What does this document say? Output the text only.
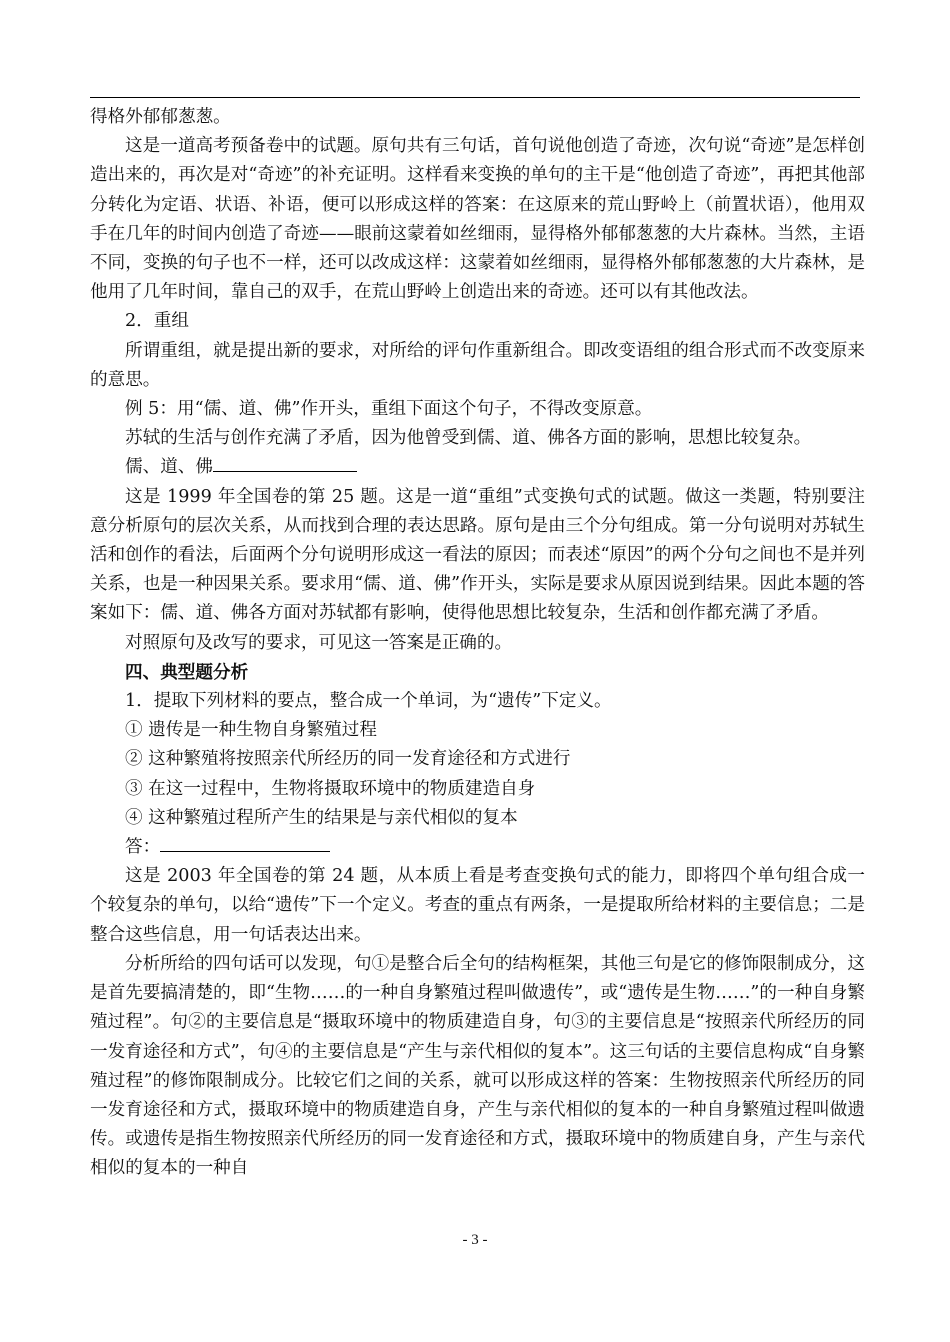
得格外郁郁葱葱。

这是一道高考预备卷中的试题。原句共有三句话，首句说他创造了奇迹，次句说“奇迹”是怎样创造出来的，再次是对“奇迹”的补充证明。这样看来变换的单句的主干是“他创造了奇迹”，再把其他部分转化为定语、状语、补语，便可以形成这样的答案：在这原来的荒山野岭上（前置状语），他用双手在几年的时间内创造了奇迹——眼前这蒙着如丝细雨，显得格外郁郁葱葱的大片森林。当然，主语不同，变换的句子也不一样，还可以改成这样：这蒙着如丝细雨，显得格外郁郁葱葱的大片森林，是他用了几年时间，靠自己的双手，在荒山野岭上创造出来的奇迹。还可以有其他改法。

2．重组

所谓重组，就是提出新的要求，对所给的评句作重新组合。即改变语组的组合形式而不改变原来的意思。

例 5：用“儒、道、佛”作开头，重组下面这个句子，不得改变原意。

苏轼的生活与创作充满了矛盾，因为他曾受到儒、道、佛各方面的影响，思想比较复杂。

儒、道、佛

这是 1999 年全国卷的第 25 题。这是一道“重组”式变换句式的试题。做这一类题，特别要注意分析原句的层次关系，从而找到合理的表达思路。原句是由三个分句组成。第一分句说明对苏轼生活和创作的看法，后面两个分句说明形成这一看法的原因；而表述“原因”的两个分句之间也不是并列关系，也是一种因果关系。要求用“儒、道、佛”作开头，实际是要求从原因说到结果。因此本题的答案如下：儒、道、佛各方面对苏轼都有影响，使得他思想比较复杂，生活和创作都充满了矛盾。

对照原句及改写的要求，可见这一答案是正确的。

四、典型题分析

1．提取下列材料的要点，整合成一个单词，为“遗传”下定义。

① 遗传是一种生物自身繁殖过程

② 这种繁殖将按照亲代所经历的同一发育途径和方式进行

③ 在这一过程中，生物将摄取环境中的物质建造自身

④ 这种繁殖过程所产生的结果是与亲代相似的复本

答：

这是 2003 年全国卷的第 24 题，从本质上看是考查变换句式的能力，即将四个单句组合成一个较复杂的单句，以给“遗传”下一个定义。考查的重点有两条，一是提取所给材料的主要信息；二是整合这些信息，用一句话表达出来。

分析所给的四句话可以发现，句①是整合后全句的结构框架，其他三句是它的修饰限制成分，这是首先要搞清楚的，即“生物……的一种自身繁殖过程叫做遗传”，或“遗传是生物……”的一种自身繁殖过程”。句②的主要信息是“摄取环境中的物质建造自身，句③的主要信息是“按照亲代所经历的同一发育途径和方式”，句④的主要信息是“产生与亲代相似的复本”。这三句话的主要信息构成“自身繁殖过程”的修饰限制成分。比较它们之间的关系，就可以形成这样的答案：生物按照亲代所经历的同一发育途径和方式，摄取环境中的物质建造自身，产生与亲代相似的复本的一种自身繁殖过程叫做遗传。或遗传是指生物按照亲代所经历的同一发育途径和方式，摄取环境中的物质建自身，产生与亲代相似的复本的一种自

- 3 -
